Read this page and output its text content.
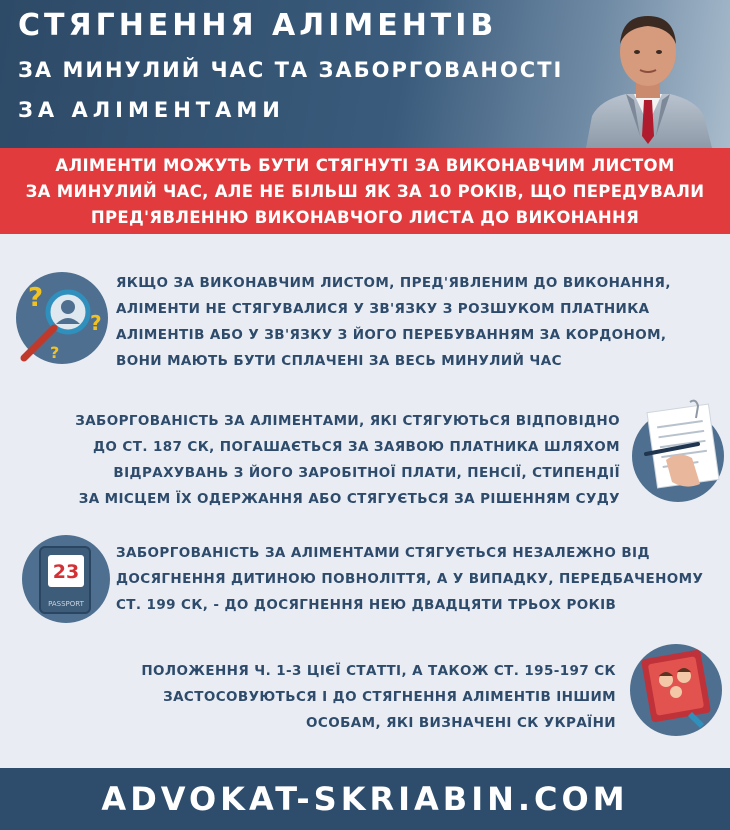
СТЯГНЕННЯ АЛІМЕНТІВ
ЗА МИНУЛИЙ ЧАС ТА ЗАБОРГОВАНОСТІ
ЗА АЛІМЕНТАМИ
АЛІМЕНТИ МОЖУТЬ БУТИ СТЯГНУТІ ЗА ВИКОНАВЧИМ ЛИСТОМ
ЗА МИНУЛИЙ ЧАС, АЛЕ НЕ БІЛЬШ ЯК ЗА 10 РОКІВ, ЩО ПЕРЕДУВАЛИ
ПРЕД'ЯВЛЕННЮ ВИКОНАВЧОГО ЛИСТА ДО ВИКОНАННЯ
?
?
?
ЯКЩО ЗА ВИКОНАВЧИМ ЛИСТОМ, ПРЕД'ЯВЛЕНИМ ДО ВИКОНАННЯ,
АЛІМЕНТИ НЕ СТЯГУВАЛИСЯ У ЗВ'ЯЗКУ З РОЗШУКОМ ПЛАТНИКА
АЛІМЕНТІВ АБО У ЗВ'ЯЗКУ З ЙОГО ПЕРЕБУВАННЯМ ЗА КОРДОНОМ,
ВОНИ МАЮТЬ БУТИ СПЛАЧЕНІ ЗА ВЕСЬ МИНУЛИЙ ЧАС
ЗАБОРГОВАНІСТЬ ЗА АЛІМЕНТАМИ, ЯКІ СТЯГУЮТЬСЯ ВІДПОВІДНО
ДО СТ. 187 СК, ПОГАШАЄТЬСЯ ЗА ЗАЯВОЮ ПЛАТНИКА ШЛЯХОМ
ВІДРАХУВАНЬ З ЙОГО ЗАРОБІТНОЇ ПЛАТИ, ПЕНСІЇ, СТИПЕНДІЇ
ЗА МІСЦЕМ ЇХ ОДЕРЖАННЯ АБО СТЯГУЄТЬСЯ ЗА РІШЕННЯМ СУДУ
23
PASSPORT
ЗАБОРГОВАНІСТЬ ЗА АЛІМЕНТАМИ СТЯГУЄТЬСЯ НЕЗАЛЕЖНО ВІД
ДОСЯГНЕННЯ ДИТИНОЮ ПОВНОЛІТТЯ, А У ВИПАДКУ, ПЕРЕДБАЧЕНОМУ
СТ. 199 СК, - ДО ДОСЯГНЕННЯ НЕЮ ДВАДЦЯТИ ТРЬОХ РОКІВ
ПОЛОЖЕННЯ Ч. 1-3 ЦІЄЇ СТАТТІ, А ТАКОЖ СТ. 195-197 СК
ЗАСТОСОВУЮТЬСЯ І ДО СТЯГНЕННЯ АЛІМЕНТІВ ІНШИМ
ОСОБАМ, ЯКІ ВИЗНАЧЕНІ СК УКРАЇНИ
ADVOKAT-SKRIABIN.COM
